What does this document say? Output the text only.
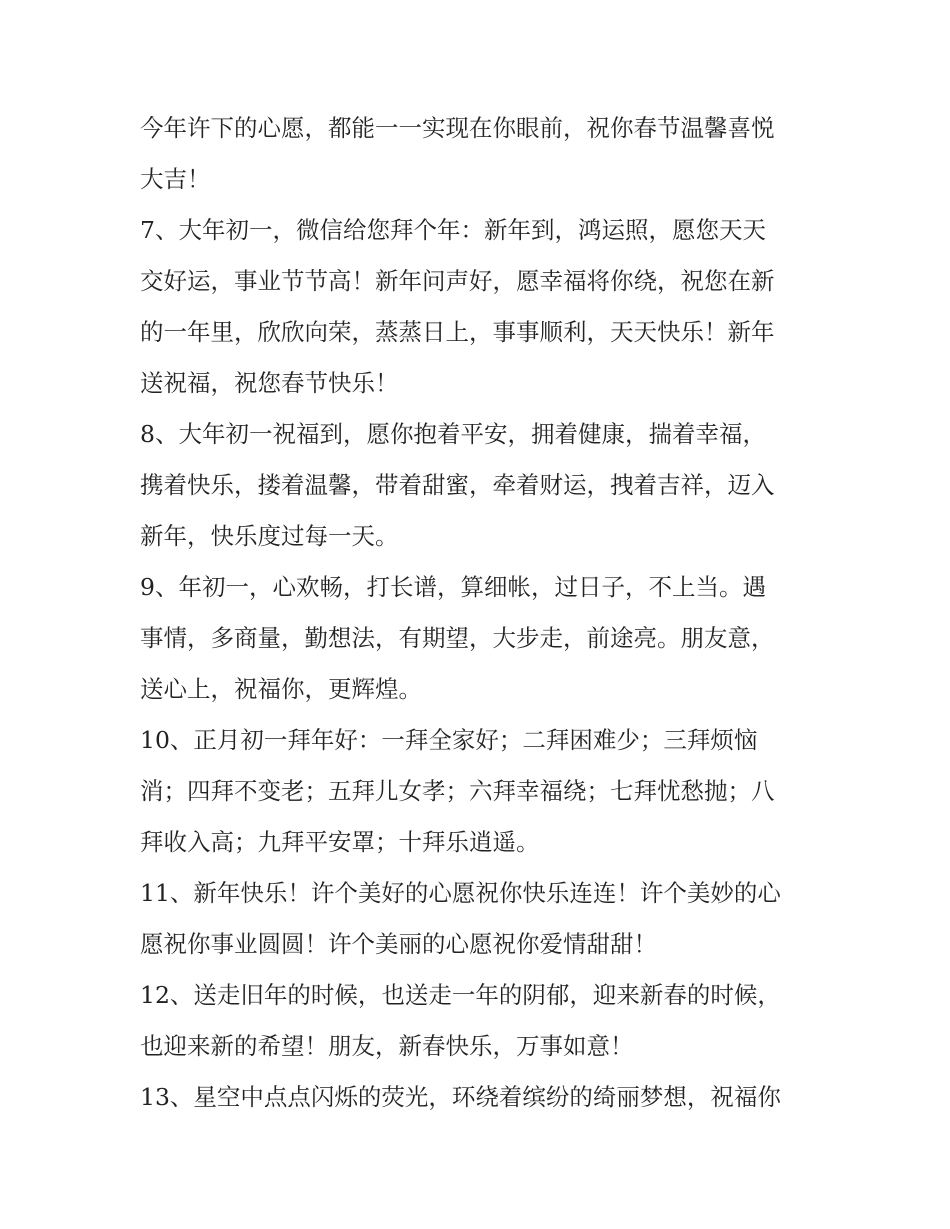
今年许下的心愿，都能一一实现在你眼前，祝你春节温馨喜悦
大吉！
7、大年初一，微信给您拜个年：新年到，鸿运照，愿您天天
交好运，事业节节高！新年问声好，愿幸福将你绕，祝您在新
的一年里，欣欣向荣，蒸蒸日上，事事顺利，天天快乐！新年
送祝福，祝您春节快乐！
8、大年初一祝福到，愿你抱着平安，拥着健康，揣着幸福，
携着快乐，搂着温馨，带着甜蜜，牵着财运，拽着吉祥，迈入
新年，快乐度过每一天。
9、年初一，心欢畅，打长谱，算细帐，过日子，不上当。遇
事情，多商量，勤想法，有期望，大步走，前途亮。朋友意，
送心上，祝福你，更辉煌。
10、正月初一拜年好：一拜全家好；二拜困难少；三拜烦恼
消；四拜不变老；五拜儿女孝；六拜幸福绕；七拜忧愁抛；八
拜收入高；九拜平安罩；十拜乐逍遥。
11、新年快乐！许个美好的心愿祝你快乐连连！许个美妙的心
愿祝你事业圆圆！许个美丽的心愿祝你爱情甜甜！
12、送走旧年的时候，也送走一年的阴郁，迎来新春的时候，
也迎来新的希望！朋友，新春快乐，万事如意！
13、星空中点点闪烁的荧光，环绕着缤纷的绮丽梦想，祝福你
